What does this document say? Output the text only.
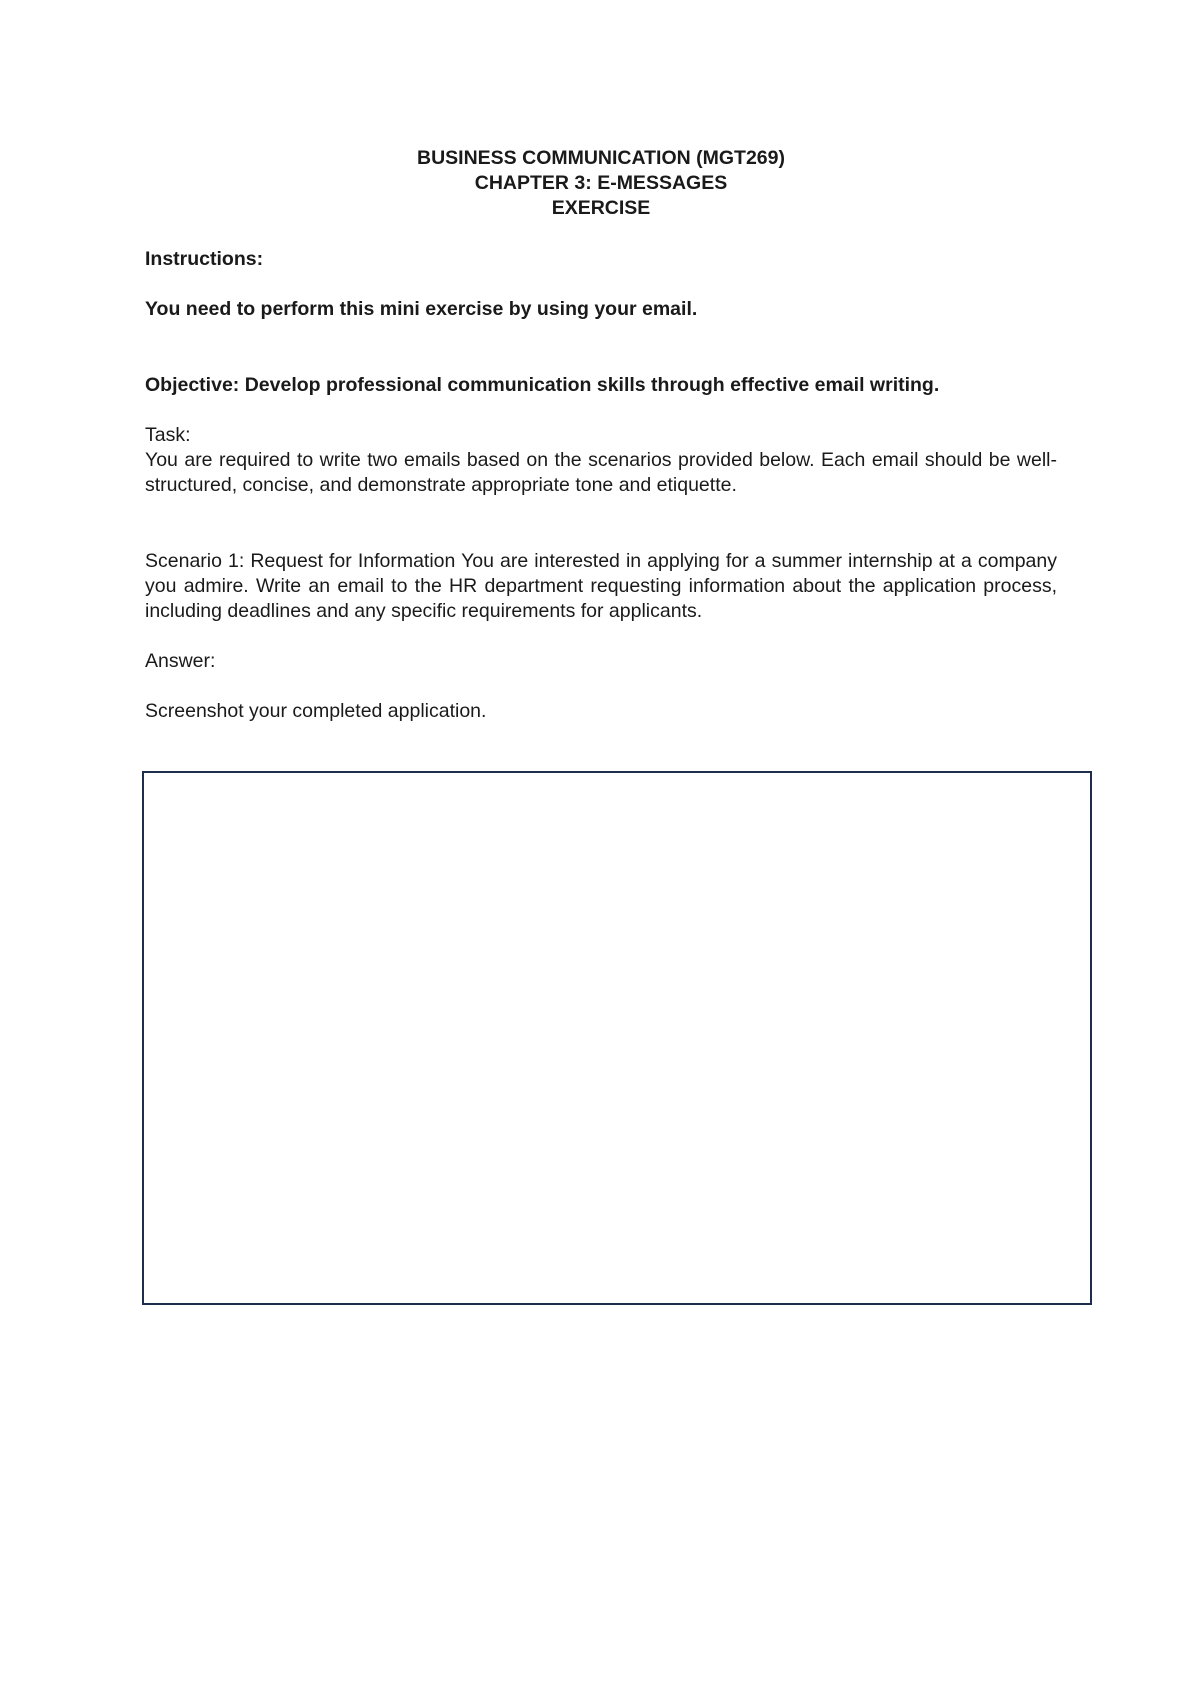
BUSINESS COMMUNICATION (MGT269)
CHAPTER 3: E-MESSAGES
EXERCISE

Instructions:

You need to perform this mini exercise by using your email.

Objective: Develop professional communication skills through effective email writing.

Task:

You are required to write two emails based on the scenarios provided below. Each email should be well-structured, concise, and demonstrate appropriate tone and etiquette.

Scenario 1: Request for Information You are interested in applying for a summer internship at a company you admire. Write an email to the HR department requesting information about the application process, including deadlines and any specific requirements for applicants.

Answer:

Screenshot your completed application.
